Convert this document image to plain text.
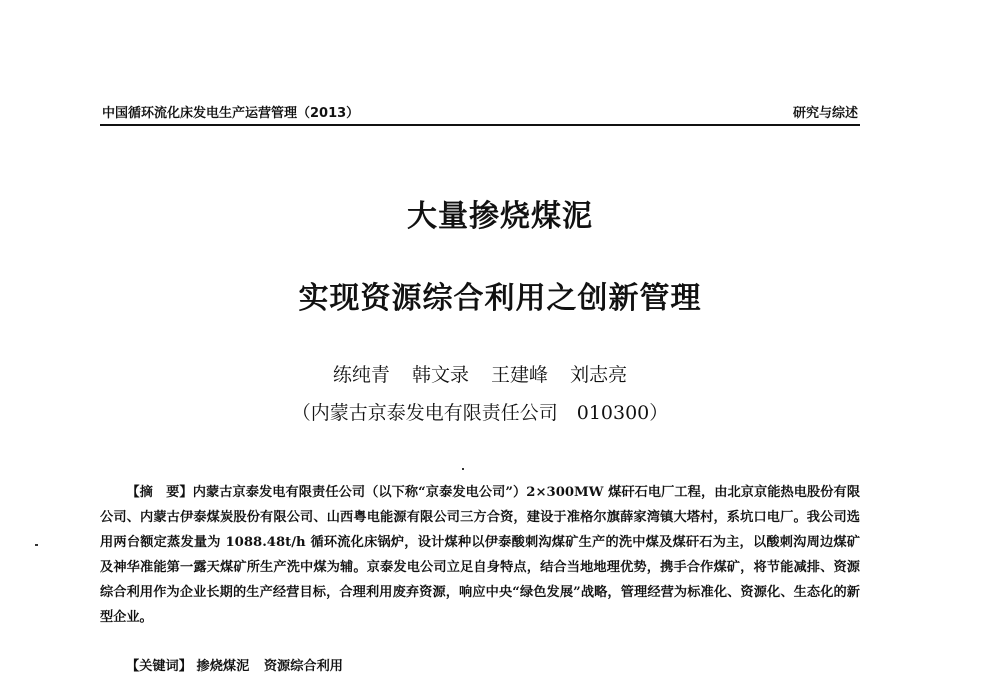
中国循环流化床发电生产运营管理（2013）	研究与综述
大量掺烧煤泥
实现资源综合利用之创新管理
练纯青 韩文录 王建峰 刘志亮
（内蒙古京泰发电有限责任公司　010300）

【摘　要】内蒙古京泰发电有限责任公司（以下称“京泰发电公司”）2×300MW 煤矸石电厂工程，由北京京能热电股份有限公司、内蒙古伊泰煤炭股份有限公司、山西粤电能源有限公司三方合资，建设于准格尔旗薛家湾镇大塔村，系坑口电厂。我公司选用两台额定蒸发量为 1088.48t/h 循环流化床锅炉，设计煤种以伊泰酸刺沟煤矿生产的洗中煤及煤矸石为主，以酸刺沟周边煤矿及神华准能第一露天煤矿所生产洗中煤为辅。京泰发电公司立足自身特点，结合当地地理优势，携手合作煤矿，将节能减排、资源综合利用作为企业长期的生产经营目标，合理利用废弃资源，响应中央“绿色发展”战略，管理经营为标准化、资源化、生态化的新型企业。

【关键词】 掺烧煤泥 资源综合利用
